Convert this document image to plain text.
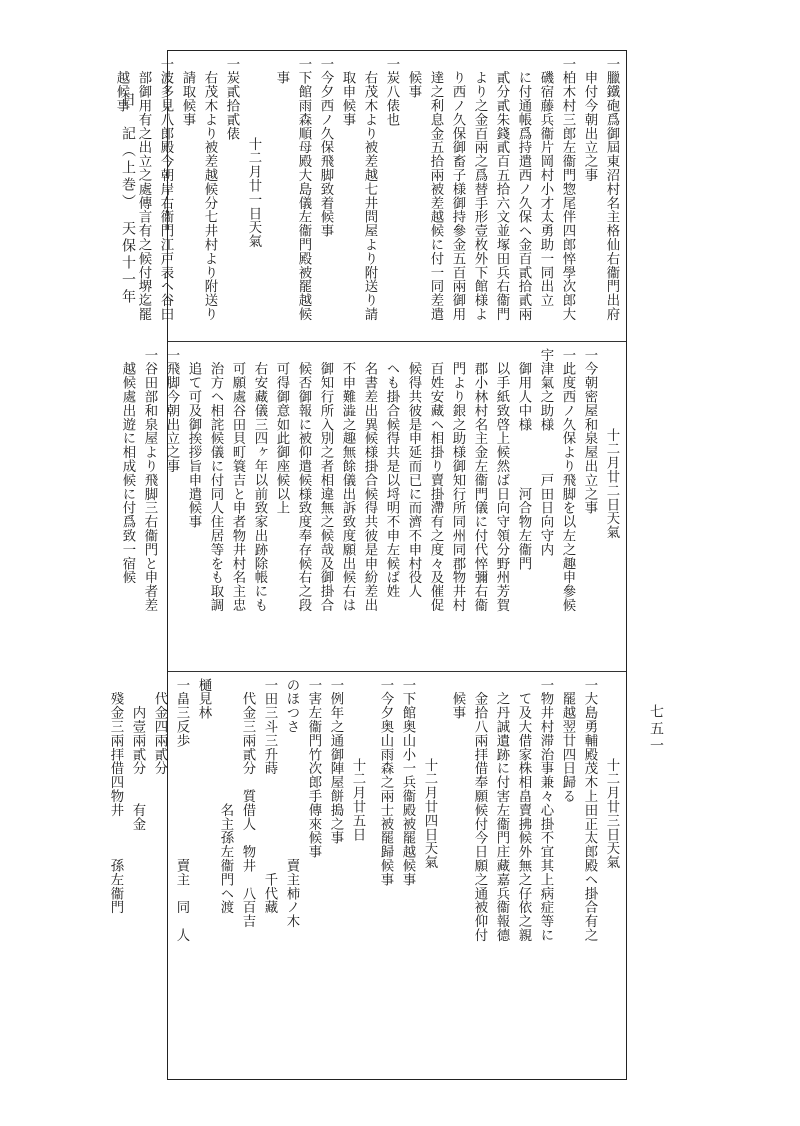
日　記（上巻）　天保十一年
七五一
一臘鐵砲爲御屆東沼村名主格仙右衞門出府
　申付今朝出立之事
一柏木村三郎左衞門惣尾伴四郎悴學次郎大
　磯宿藤兵衞片岡村小才太勇助一同出立
　に付通帳爲持遣西ノ久保ヘ金百貳拾貳兩
　貳分貳朱錢貳百五拾六文並塚田兵右衞門
　より之金百兩之爲替手形壹枚外下館様よ
　り西ノ久保御畜子様御持參金五百兩御用
　達之利息金五拾兩被差越候に付一同差遣
　候事
一炭八俵也
　右茂木より被差越七井問屋より附送り請
　取申候事
一今夕西ノ久保飛脚致着候事
一下館雨森順母殿大島儀左衞門殿被罷越候
　事
十二月廿一日天氣
一炭貳拾貳俵
　右茂木より被差越候分七井村より附送り
　請取候事
一波多見八郎殿今朝岸右衞門江戸表ヘ谷田
　部御用有之出立之處傳言有之候付堺迄罷
　越候事
十二月廿二日天氣
一今朝密屋和泉屋出立之事
一此度西ノ久保より飛脚を以左之趣申參候
宇津氣之助様　　　戸田日向守内
　御用人中様　　　　河合物左衞門
　以手紙致啓上候然ば日向守領分野州芳賀
　郡小林村名主金左衞門儀に付代悴彌右衞
　門より銀之助様御知行所同州同郡物井村
　百姓安藏ヘ相掛り賣掛滯有之度々及催促
　候得共彼是申延而已に而濟不申村役人
　ヘも掛合候得共是以埒明不申左候ば姓
　名書差出異候様掛合候得共彼是申紛差出
　不申難澁之趣無餘儀出訴致度願出候右は
　御知行所入別之者相違無之候哉及御掛合
　候否御報に被仰遣候様致度奉存候右之段
　可得御意如此御座候以上
　右安藏儀三四ヶ年以前致家出跡除帳にも
　可願處谷田貝町簑吉と申者物井村名主忠
　治方ヘ相詫候儀に付同人住居等をも取調
　追て可及御挨拶旨申遣候事
一飛脚今朝出立之事
一谷田部和泉屋より飛脚三右衞門と申者差
　越候處出遊に相成候に付爲致一宿候
十二月廿三日天氣
一大島勇輔殿茂木上田正太郎殿ヘ掛合有之
　罷越翌廿四日歸る
一物井村滞治事兼々心掛不宜其上病症等に
　て及大借家株相畠賣拂候外無之仔依之親
　之丹誠遺跡に付害左衞門庄藏嘉兵衞報德
　金拾八兩拝借奉願候付今日願之通被仰付
　候事
十二月廿四日天氣
一下館奥山小一兵衞殿被罷越候事
一今夕奥山雨森之兩士被罷歸候事
十二月廿五日
一例年之通御陣屋餅搗之事
一害左衞門竹次郎手傳來候事
のほつさ　　　　　　　　　賣主柿ノ木
一田三斗三升蒔　　　　　　　千代藏
　代金三兩貳分　質借人　物井　八百吉
　　　　　　　　　名主孫左衞門ヘ渡
樋見林
一畠三反歩　　　　　　　　賣主　同　人
　代金四兩貳分
　　内壹兩貳分　　有金
　殘金三兩拝借四物井　　　孫左衞門
